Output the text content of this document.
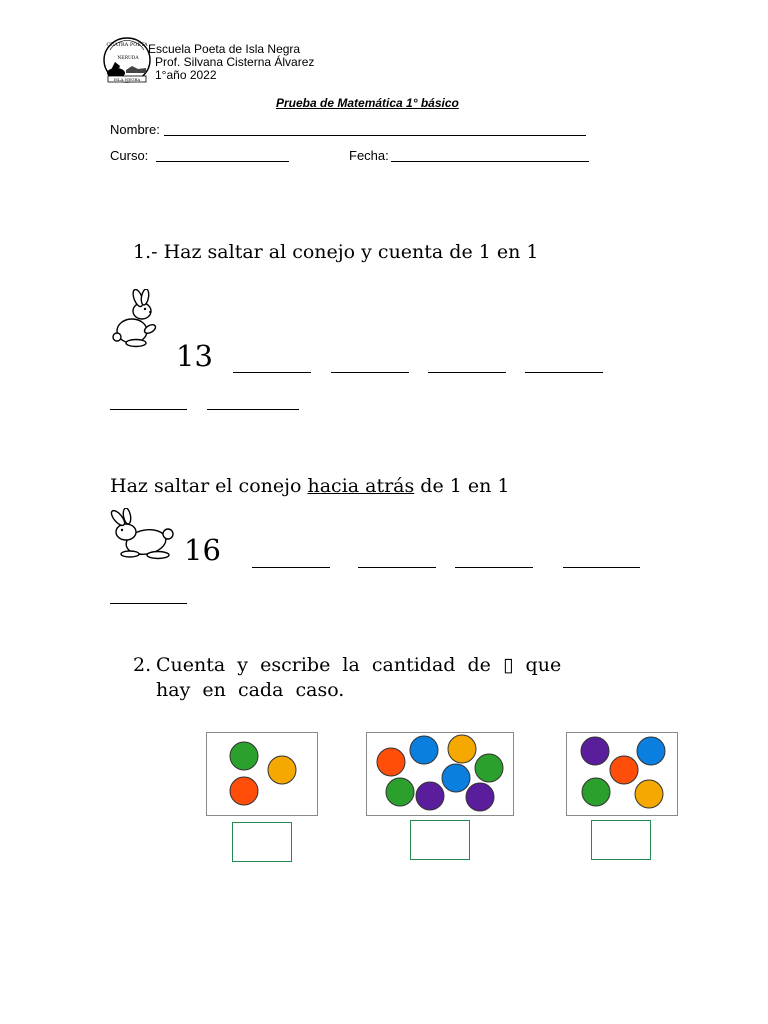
CUATRA POETA
NERUDA
ISLA NEGRA
Escuela Poeta de Isla Negra
Prof. Silvana Cisterna Álvarez
1°año 2022
Prueba de Matemática 1° básico
Nombre:
Curso:	Fecha:
1.- Haz saltar al conejo y cuenta de 1 en 1
13
Haz saltar el conejo hacia atrás de 1 en 1
16
2. Cuenta  y  escribe  la  cantidad  de  ▯  que
hay  en  cada  caso.
